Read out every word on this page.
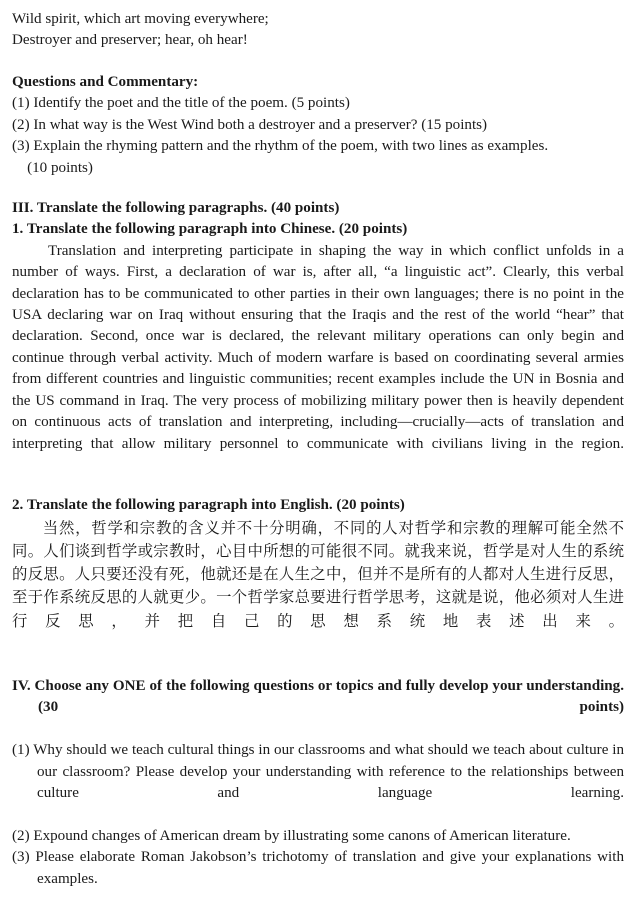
Wild spirit, which art moving everywhere;
Destroyer and preserver; hear, oh hear!
Questions and Commentary:
(1) Identify the poet and the title of the poem. (5 points)
(2) In what way is the West Wind both a destroyer and a preserver? (15 points)
(3) Explain the rhyming pattern and the rhythm of the poem, with two lines as examples.
(10 points)
III. Translate the following paragraphs. (40 points)
1. Translate the following paragraph into Chinese. (20 points)

Translation and interpreting participate in shaping the way in which conflict unfolds in a number of ways. First, a declaration of war is, after all, “a linguistic act”. Clearly, this verbal declaration has to be communicated to other parties in their own languages; there is no point in the USA declaring war on Iraq without ensuring that the Iraqis and the rest of the world “hear” that declaration. Second, once war is declared, the relevant military operations can only begin and continue through verbal activity. Much of modern warfare is based on coordinating several armies from different countries and linguistic communities; recent examples include the UN in Bosnia and the US command in Iraq. The very process of mobilizing military power then is heavily dependent on continuous acts of translation and interpreting, including—crucially—acts of translation and interpreting that allow military personnel to communicate with civilians living in the region.

2. Translate the following paragraph into English. (20 points)

当然，哲学和宗教的含义并不十分明确，不同的人对哲学和宗教的理解可能全然不同。人们谈到哲学或宗教时，心目中所想的可能很不同。就我来说，哲学是对人生的系统的反思。人只要还没有死，他就还是在人生之中，但并不是所有的人都对人生进行反思，至于作系统反思的人就更少。一个哲学家总要进行哲学思考，这就是说，他必须对人生进行反思，并把自己的思想系统地表述出来。

IV. Choose any ONE of the following questions or topics and fully develop your understanding. (30 points)

(1) Why should we teach cultural things in our classrooms and what should we teach about culture in our classroom? Please develop your understanding with reference to the relationships between culture and language learning.

(2) Expound changes of American dream by illustrating some canons of American literature.

(3) Please elaborate Roman Jakobson’s trichotomy of translation and give your explanations with examples.
